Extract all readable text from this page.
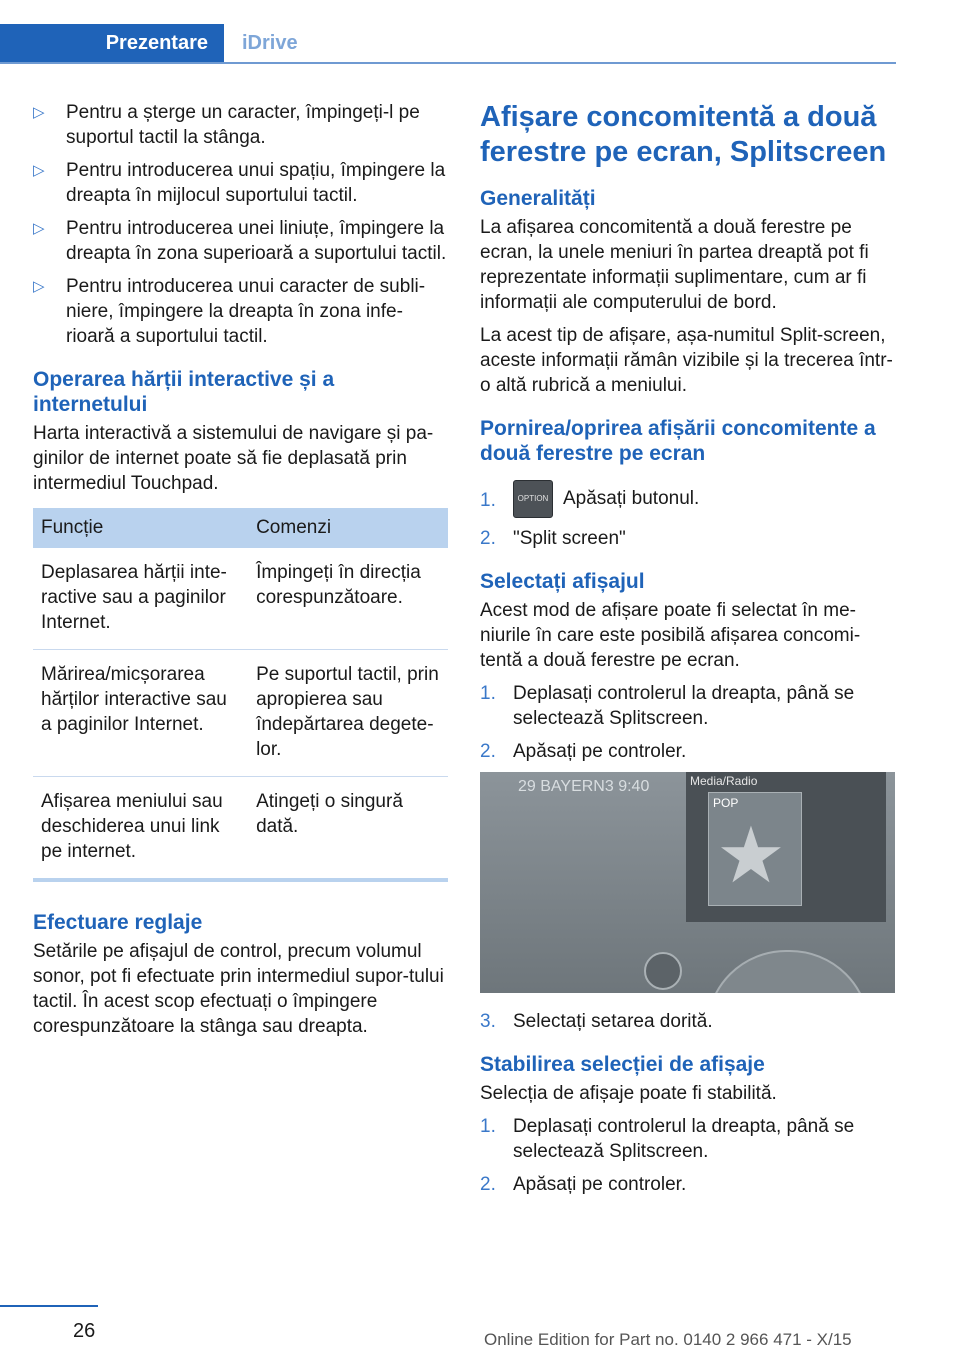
Prezentare	iDrive
▷ Pentru a șterge un caracter, împingeți-l pe suportul tactil la stânga.
▷ Pentru introducerea unui spațiu, împingere la dreapta în mijlocul suportului tactil.
▷ Pentru introducerea unei liniuțe, împingere la dreapta în zona superioară a suportului tactil.
▷ Pentru introducerea unui caracter de subli-niere, împingere la dreapta în zona infe-rioară a suportului tactil.
Operarea hărții interactive și a internetului

Harta interactivă a sistemului de navigare și pa-ginilor de internet poate să fie deplasată prin intermediul Touchpad.

Funcție	Comenzi
Deplasarea hărții inte-ractive sau a paginilor Internet.	Împingeți în direcția corespunzătoare.
Mărirea/micșorarea hărților interactive sau a paginilor Internet.	Pe suportul tactil, prin apropierea sau îndepărtarea degete-lor.
Afișarea meniului sau deschiderea unui link pe internet.	Atingeți o singură dată.
Efectuare reglaje

Setările pe afișajul de control, precum volumul sonor, pot fi efectuate prin intermediul supor-tului tactil. În acest scop efectuați o împingere corespunzătoare la stânga sau dreapta.

Afișare concomitentă a două ferestre pe ecran, Splitscreen
Generalități

La afișarea concomitentă a două ferestre pe ecran, la unele meniuri în partea dreaptă pot fi reprezentate informații suplimentare, cum ar fi informații ale computerului de bord.

La acest tip de afișare, așa-numitul Split-screen, aceste informații rămân vizibile și la trecerea într-o altă rubrică a meniului.

Pornirea/oprirea afișării concomitente a două ferestre pe ecran
1.	OPTION Apăsați butonul.
2. "Split screen"
Selectați afișajul

Acest mod de afișare poate fi selectat în me-niurile în care este posibilă afișarea concomi-tentă a două ferestre pe ecran.

1. Deplasați controlerul la dreapta, până se selectează Splitscreen.
2. Apăsați pe controler.
29 BAYERN3 9:40	Media/Radio
POP
★
3. Selectați setarea dorită.
Stabilirea selecției de afișaje

Selecția de afișaje poate fi stabilită.

1. Deplasați controlerul la dreapta, până se selectează Splitscreen.
2. Apăsați pe controler.
26	Online Edition for Part no. 0140 2 966 471 - X/15
